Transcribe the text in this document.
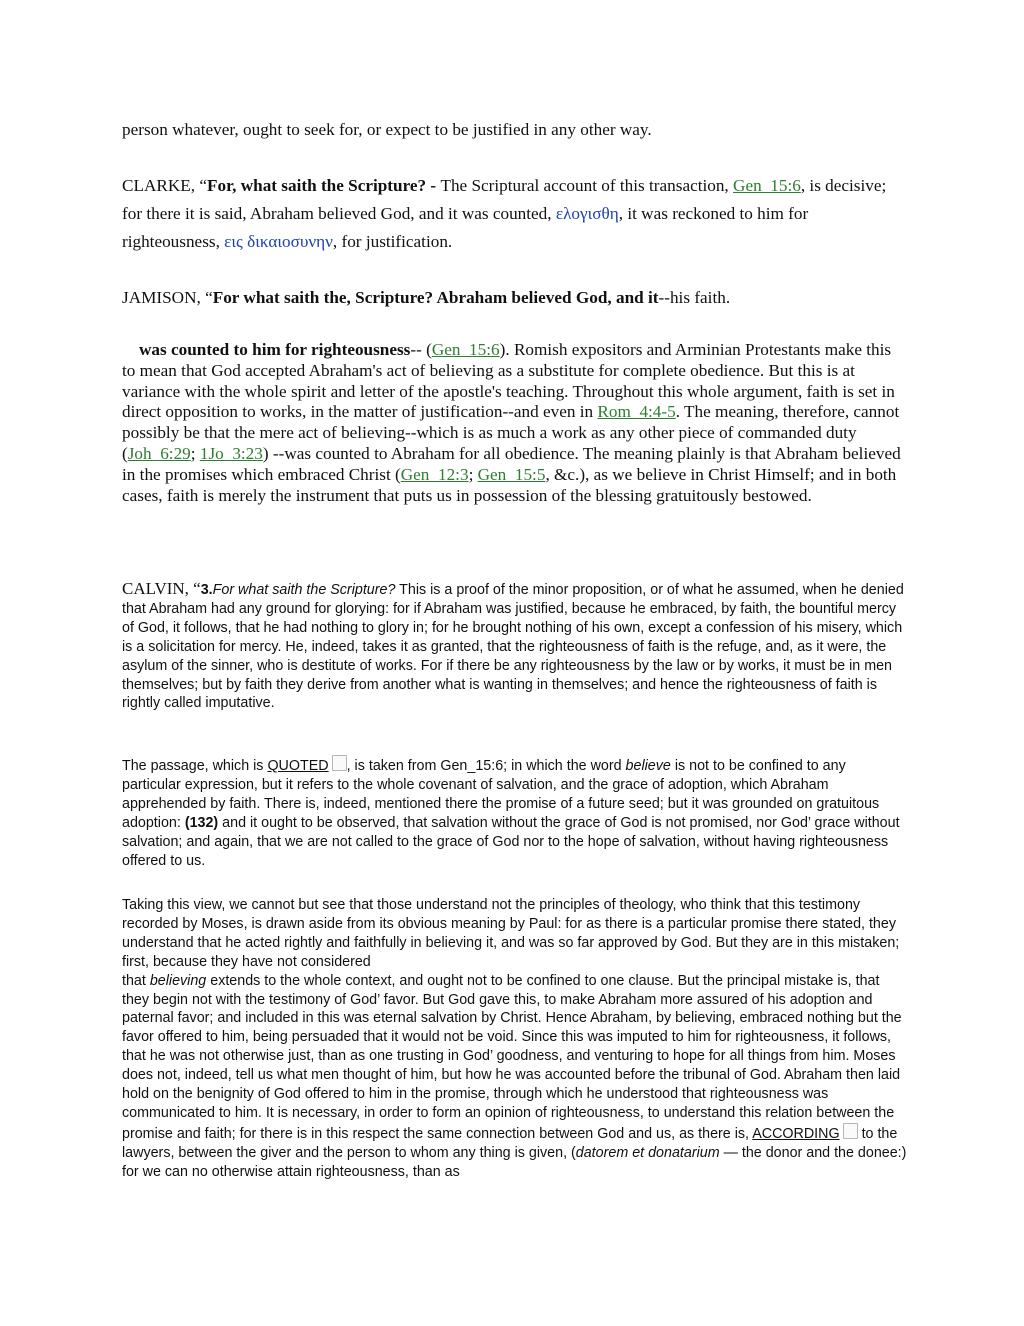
person whatever, ought to seek for, or expect to be justified in any other way.

CLARKE, “For, what saith the Scripture? - The Scriptural account of this transaction, Gen_15:6, is decisive; for there it is said, Abraham believed God, and it was counted, ελογισθη, it was reckoned to him for righteousness, εις δικαιοσυνην, for justification.

JAMISON, “For what saith the, Scripture? Abraham believed God, and it--his faith.

was counted to him for righteousness-- (Gen_15:6). Romish expositors and Arminian Protestants make this to mean that God accepted Abraham's act of believing as a substitute for complete obedience. But this is at variance with the whole spirit and letter of the apostle's teaching. Throughout this whole argument, faith is set in direct opposition to works, in the matter of justification--and even in Rom_4:4-5. The meaning, therefore, cannot possibly be that the mere act of believing--which is as much a work as any other piece of commanded duty (Joh_6:29; 1Jo_3:23) --was counted to Abraham for all obedience. The meaning plainly is that Abraham believed in the promises which embraced Christ (Gen_12:3; Gen_15:5, &c.), as we believe in Christ Himself; and in both cases, faith is merely the instrument that puts us in possession of the blessing gratuitously bestowed.

CALVIN, “3.For what saith the Scripture? This is a proof of the minor proposition, or of what he assumed, when he denied that Abraham had any ground for glorying: for if Abraham was justified, because he embraced, by faith, the bountiful mercy of God, it follows, that he had nothing to glory in; for he brought nothing of his own, except a confession of his misery, which is a solicitation for mercy. He, indeed, takes it as granted, that the righteousness of faith is the refuge, and, as it were, the asylum of the sinner, who is destitute of works. For if there be any righteousness by the law or by works, it must be in men themselves; but by faith they derive from another what is wanting in themselves; and hence the righteousness of faith is rightly called imputative.

The passage, which is QUOTED , is taken from Gen_15:6; in which the word believe is not to be confined to any particular expression, but it refers to the whole covenant of salvation, and the grace of adoption, which Abraham apprehended by faith. There is, indeed, mentioned there the promise of a future seed; but it was grounded on gratuitous adoption: (132) and it ought to be observed, that salvation without the grace of God is not promised, nor God’ grace without salvation; and again, that we are not called to the grace of God nor to the hope of salvation, without having righteousness offered to us.

Taking this view, we cannot but see that those understand not the principles of theology, who think that this testimony recorded by Moses, is drawn aside from its obvious meaning by Paul: for as there is a particular promise there stated, they understand that he acted rightly and faithfully in believing it, and was so far approved by God. But they are in this mistaken; first, because they have not considered
that believing extends to the whole context, and ought not to be confined to one clause. But the principal mistake is, that they begin not with the testimony of God’ favor. But God gave this, to make Abraham more assured of his adoption and paternal favor; and included in this was eternal salvation by Christ. Hence Abraham, by believing, embraced nothing but the favor offered to him, being persuaded that it would not be void. Since this was imputed to him for righteousness, it follows, that he was not otherwise just, than as one trusting in God’ goodness, and venturing to hope for all things from him. Moses does not, indeed, tell us what men thought of him, but how he was accounted before the tribunal of God. Abraham then laid hold on the benignity of God offered to him in the promise, through which he understood that righteousness was communicated to him. It is necessary, in order to form an opinion of righteousness, to understand this relation between the promise and faith; for there is in this respect the same connection between God and us, as there is, ACCORDING to the lawyers, between the giver and the person to whom any thing is given, (datorem et donatarium — the donor and the donee:) for we can no otherwise attain righteousness, than as
